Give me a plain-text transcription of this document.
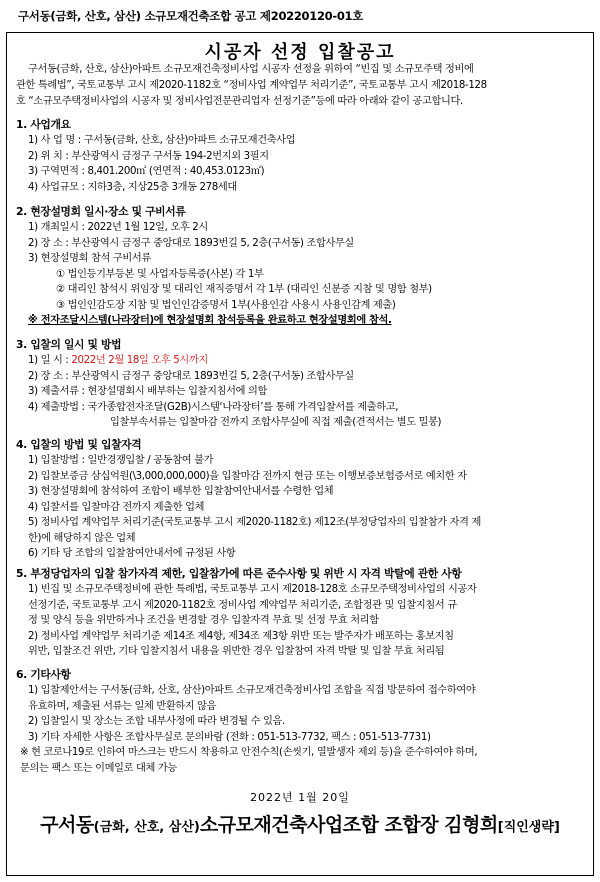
구서동(금화, 산호, 삼산) 소규모재건축조합 공고 제20220120-01호
시공자 선정 입찰공고
구서동(금화, 산호, 삼산)아파트 소규모재건축정비사업 시공자 선정을 위하여 “빈집 및 소규모주택 정비에
관한 특례법”, 국토교통부 고시 제2020-1182호 “정비사업 계약업무 처리기준”, 국토교통부 고시 제2018-128
호 “소규모주택정비사업의 시공자 및 정비사업전문관리업자 선정기준”등에 따라 아래와 같이 공고합니다.
1. 사업개요
1) 사 업 명 : 구서동(금화, 산호, 삼산)아파트 소규모재건축사업
2) 위 치 : 부산광역시 금정구 구서동 194-2번지외 3필지
3) 구역면적 : 8,401.200㎡ (연면적 : 40,453.0123㎡)
4) 사업규모 : 지하3층, 지상25층 3개동 278세대
2. 현장설명회 일시·장소 및 구비서류
1) 개최일시 : 2022년 1월 12일, 오후 2시
2) 장 소 : 부산광역시 금정구 중앙대로 1893번길 5, 2층(구서동) 조합사무실
3) 현장설명회 참석 구비서류
① 법인등기부등본 및 사업자등록증(사본) 각 1부
② 대리인 참석시 위임장 및 대리인 재직증명서 각 1부 (대리인 신분증 지참 및 명함 첨부)
③ 법인인감도장 지참 및 법인인감증명서 1부(사용인감 사용시 사용인감계 제출)
※ 전자조달시스템(나라장터)에 현장설명회 참석등록을 완료하고 현장설명회에 참석.
3. 입찰의 일시 및 방법
1) 일 시 : 2022년 2월 18일 오후 5시까지
2) 장 소 : 부산광역시 금정구 중앙대로 1893번길 5, 2층(구서동) 조합사무실
3) 제출서류 : 현장설명회시 배부하는 입찰지침서에 의함
4) 제출방법 : 국가종합전자조달(G2B)시스템‘나라장터’를 통해 가격입찰서를 제출하고,
입찰부속서류는 입찰마감 전까지 조합사무실에 직접 제출(견적서는 별도 밀봉)
4. 입찰의 방법 및 입찰자격
1) 입찰방법 : 일반경쟁입찰 / 공동참여 불가
2) 입찰보증금 삼십억원(\3,000,000,000)을 입찰마감 전까지 현금 또는 이행보증보험증서로 예치한 자
3) 현장설명회에 참석하여 조합이 배부한 입찰참여안내서를 수령한 업체
4) 입찰서를 입찰마감 전까지 제출한 업체
5) 정비사업 계약업무 처리기준(국토교통부 고시 제2020-1182호) 제12조(부정당업자의 입찰참가 자격 제
한)에 해당하지 않은 업체
6) 기타 당 조합의 입찰참여안내서에 규정된 사항
5. 부정당업자의 입찰 참가자격 제한, 입찰참가에 따른 준수사항 및 위반 시 자격 박탈에 관한 사항
1) 빈집 및 소규모주택정비에 관한 특례법, 국토교통부 고시 제2018-128호 소규모주택정비사업의 시공자
선정기준, 국토교통부 고시 제2020-1182호 정비사업 계약업무 처리기준, 조합정관 및 입찰지침서 규
정 및 양식 등을 위반하거나 조건을 변경할 경우 입찰자격 무효 및 선정 무효 처리함
2) 정비사업 계약업무 처리기준 제14조 제4항, 제34조 제3항 위반 또는 발주자가 배포하는 홍보지침
위반, 입찰조건 위반, 기타 입찰지침서 내용을 위반한 경우 입찰참여 자격 박탈 및 입찰 무효 처리됨
6. 기타사항
1) 입찰제안서는 구서동(금화, 산호, 삼산)아파트 소규모재건축정비사업 조합을 직접 방문하여 접수하여야
유효하며, 제출된 서류는 일체 반환하지 않음
2) 입찰일시 및 장소는 조합 내부사정에 따라 변경될 수 있음.
3) 기타 자세한 사항은 조합사무실로 문의바람 (전화 : 051-513-7732, 팩스 : 051-513-7731)
※ 현 코로나19로 인하여 마스크는 반드시 착용하고 안전수칙(손씻기, 열발생자 제외 등)을 준수하여야 하며,
문의는 팩스 또는 이메일로 대체 가능
2022년 1월 20일
구서동(금화, 산호, 삼산)소규모재건축사업조합 조합장 김형희[직인생략]
